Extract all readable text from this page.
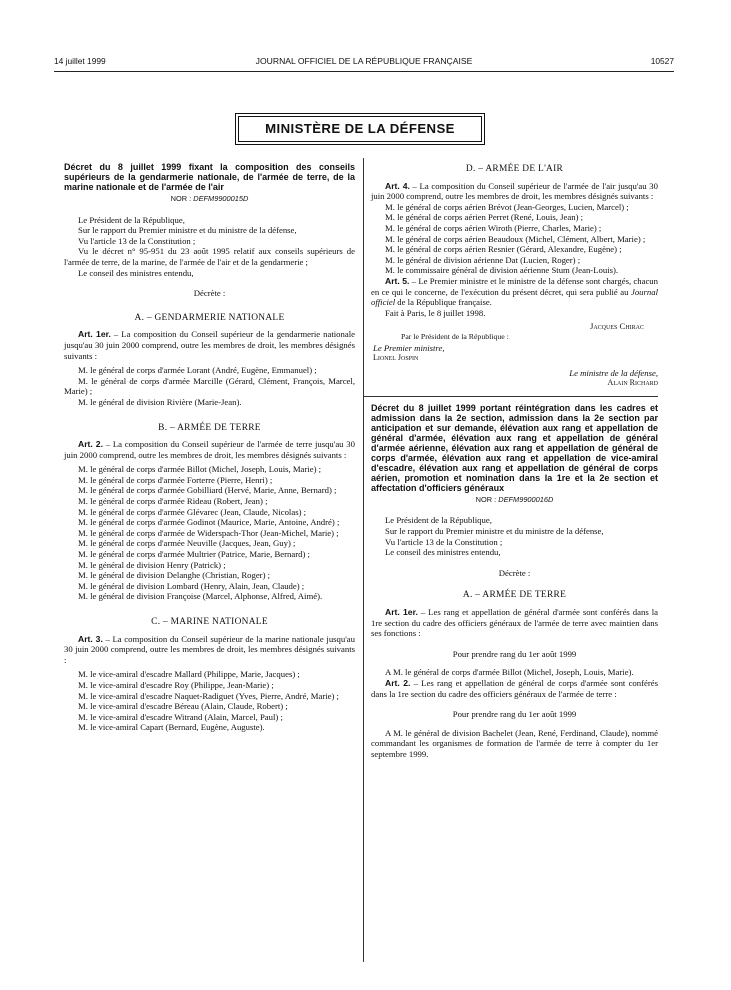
14 juillet 1999	JOURNAL OFFICIEL DE LA RÉPUBLIQUE FRANÇAISE	10527
MINISTÈRE DE LA DÉFENSE

Décret du 8 juillet 1999 fixant la composition des conseils supérieurs de la gendarmerie nationale, de l'armée de terre, de la marine nationale et de l'armée de l'air

NOR : DEFM9900015D

Le Président de la République,

Sur le rapport du Premier ministre et du ministre de la défense,

Vu l'article 13 de la Constitution ;

Vu le décret n° 95-951 du 23 août 1995 relatif aux conseils supérieurs de l'armée de terre, de la marine, de l'armée de l'air et de la gendarmerie ;

Le conseil des ministres entendu,

Décrète :

A. – GENDARMERIE NATIONALE

Art. 1er. – La composition du Conseil supérieur de la gendarmerie nationale jusqu'au 30 juin 2000 comprend, outre les membres de droit, les membres désignés suivants :

M. le général de corps d'armée Lorant (André, Eugène, Emmanuel) ;

M. le général de corps d'armée Marcille (Gérard, Clément, François, Marcel, Marie) ;

M. le général de division Rivière (Marie-Jean).

B. – ARMÉE DE TERRE

Art. 2. – La composition du Conseil supérieur de l'armée de terre jusqu'au 30 juin 2000 comprend, outre les membres de droit, les membres désignés suivants :

M. le général de corps d'armée Billot (Michel, Joseph, Louis, Marie) ;

M. le général de corps d'armée Forterre (Pierre, Henri) ;

M. le général de corps d'armée Gobilliard (Hervé, Marie, Anne, Bernard) ;

M. le général de corps d'armée Rideau (Robert, Jean) ;

M. le général de corps d'armée Glévarec (Jean, Claude, Nicolas) ;

M. le général de corps d'armée Godinot (Maurice, Marie, Antoine, André) ;

M. le général de corps d'armée de Widerspach-Thor (Jean-Michel, Marie) ;

M. le général de corps d'armée Neuville (Jacques, Jean, Guy) ;

M. le général de corps d'armée Multrier (Patrice, Marie, Bernard) ;

M. le général de division Henry (Patrick) ;

M. le général de division Delanghe (Christian, Roger) ;

M. le général de division Lombard (Henry, Alain, Jean, Claude) ;

M. le général de division Françoise (Marcel, Alphonse, Alfred, Aimé).

C. – MARINE NATIONALE

Art. 3. – La composition du Conseil supérieur de la marine nationale jusqu'au 30 juin 2000 comprend, outre les membres de droit, les membres désignés suivants :

M. le vice-amiral d'escadre Mallard (Philippe, Marie, Jacques) ;

M. le vice-amiral d'escadre Roy (Philippe, Jean-Marie) ;

M. le vice-amiral d'escadre Naquet-Radiguet (Yves, Pierre, André, Marie) ;

M. le vice-amiral d'escadre Béreau (Alain, Claude, Robert) ;

M. le vice-amiral d'escadre Witrand (Alain, Marcel, Paul) ;

M. le vice-amiral Capart (Bernard, Eugène, Auguste).

D. – ARMÉE DE L'AIR

Art. 4. – La composition du Conseil supérieur de l'armée de l'air jusqu'au 30 juin 2000 comprend, outre les membres de droit, les membres désignés suivants :

M. le général de corps aérien Brévot (Jean-Georges, Lucien, Marcel) ;

M. le général de corps aérien Perret (René, Louis, Jean) ;

M. le général de corps aérien Wiroth (Pierre, Charles, Marie) ;

M. le général de corps aérien Beaudoux (Michel, Clément, Albert, Marie) ;

M. le général de corps aérien Resnier (Gérard, Alexandre, Eugène) ;

M. le général de division aérienne Dat (Lucien, Roger) ;

M. le commissaire général de division aérienne Stum (Jean-Louis).

Art. 5. – Le Premier ministre et le ministre de la défense sont chargés, chacun en ce qui le concerne, de l'exécution du présent décret, qui sera publié au Journal officiel de la République française.

Fait à Paris, le 8 juillet 1998.

Jacques Chirac

Par le Président de la République :

Le Premier ministre,

Lionel Jospin

Le ministre de la défense,

Alain Richard

Décret du 8 juillet 1999 portant réintégration dans les cadres et admission dans la 2e section, admission dans la 2e section par anticipation et sur demande, élévation aux rang et appellation de général d'armée, élévation aux rang et appellation de général d'armée aérienne, élévation aux rang et appellation de général de corps d'armée, élévation aux rang et appellation de vice-amiral d'escadre, élévation aux rang et appellation de général de corps aérien, promotion et nomination dans la 1re et la 2e section et affectation d'officiers généraux

NOR : DEFM9900016D

Le Président de la République,

Sur le rapport du Premier ministre et du ministre de la défense,

Vu l'article 13 de la Constitution ;

Le conseil des ministres entendu,

Décrète :

A. – ARMÉE DE TERRE

Art. 1er. – Les rang et appellation de général d'armée sont conférés dans la 1re section du cadre des officiers généraux de l'armée de terre avec maintien dans ses fonctions :

Pour prendre rang du 1er août 1999

A M. le général de corps d'armée Billot (Michel, Joseph, Louis, Marie).

Art. 2. – Les rang et appellation de général de corps d'armée sont conférés dans la 1re section du cadre des officiers généraux de l'armée de terre :

Pour prendre rang du 1er août 1999

A M. le général de division Bachelet (Jean, René, Ferdinand, Claude), nommé commandant les organismes de formation de l'armée de terre à compter du 1er septembre 1999.
